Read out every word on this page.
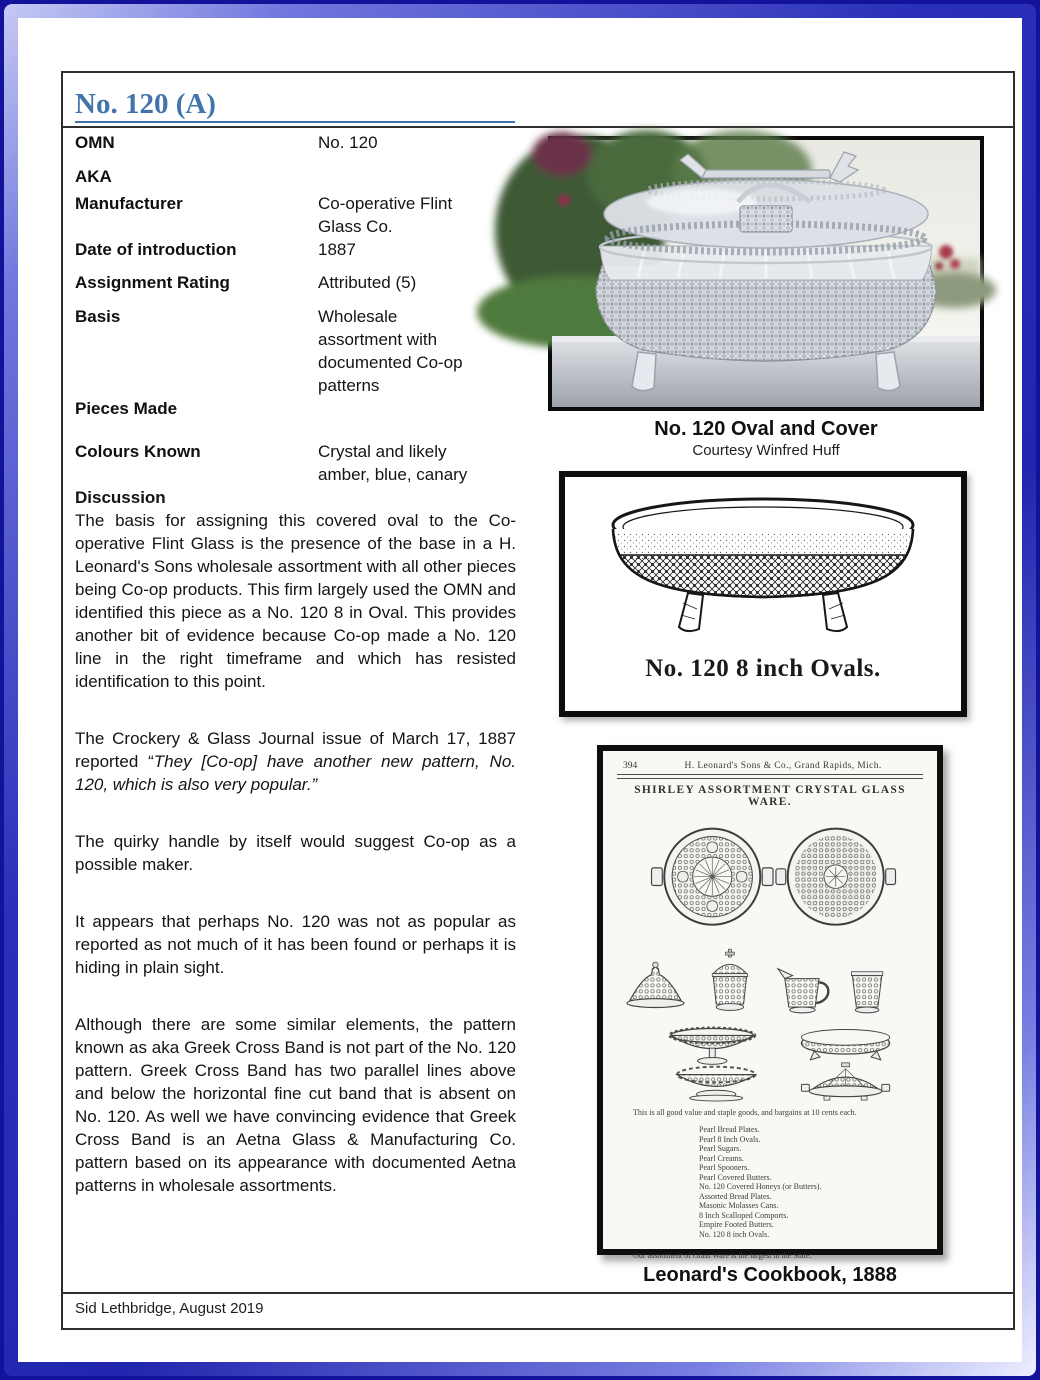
No. 120 (A)
OMN	No. 120
AKA
Manufacturer	Co-operative Flint Glass Co.
Date of introduction	1887
Assignment Rating	Attributed (5)
Basis	Wholesale assortment with documented Co-op patterns
Pieces Made
Colours Known	Crystal and likely amber, blue, canary
Discussion

The basis for assigning this covered oval to the Co-operative Flint Glass is the presence of the base in a H. Leonard's Sons wholesale assortment with all other pieces being Co-op products. This firm largely used the OMN and identified this piece as a No. 120 8 in Oval. This provides another bit of evidence because Co-op made a No. 120 line in the right timeframe and which has resisted identification to this point.

The Crockery & Glass Journal issue of March 17, 1887 reported “They [Co-op] have another new pattern, No. 120, which is also very popular.”

The quirky handle by itself would suggest Co-op as a possible maker.

It appears that perhaps No. 120 was not as popular as reported as not much of it has been found or perhaps it is hiding in plain sight.

Although there are some similar elements, the pattern known as aka Greek Cross Band is not part of the No. 120 pattern. Greek Cross Band has two parallel lines above and below the horizontal fine cut band that is absent on No. 120. As well we have convincing evidence that Greek Cross Band is an Aetna Glass & Manufacturing Co. pattern based on its appearance with documented Aetna patterns in wholesale assortments.

No. 120 Oval and Cover
Courtesy Winfred Huff
No. 120 8 inch Ovals.
394	H. Leonard's Sons & Co., Grand Rapids, Mich.
SHIRLEY ASSORTMENT CRYSTAL GLASS WARE.
This is all good value and staple goods, and bargains at 10 cents each.
Pearl Bread Plates.
Pearl 8 Inch Ovals.
Pearl Sugars.
Pearl Creams.
Pearl Spooners.
Pearl Covered Butters.
No. 120 Covered Honeys (or Butters).
Assorted Bread Plates.
Masonic Molasses Cans.
8 Inch Scalloped Comports.
Empire Footed Butters.
No. 120 8 inch Ovals.
Our assortment of Glass Ware is the largest in the State.
Leonard's Cookbook, 1888
Sid Lethbridge, August 2019
